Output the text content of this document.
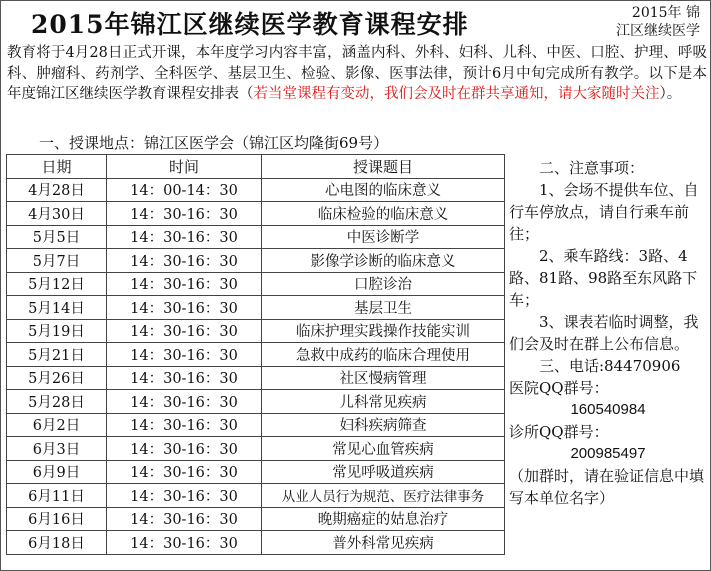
2015年锦江区继续医学教育课程安排	2015年 锦
江区继续医学
教育将于4月28日正式开课，本年度学习内容丰富，涵盖内科、外科、妇科、儿科、中医、口腔、护理、呼吸科、肿瘤科、药剂学、全科医学、基层卫生、检验、影像、医事法律，预计6月中旬完成所有教学。以下是本年度锦江区继续医学教育课程安排表（若当堂课程有变动，我们会及时在群共享通知，请大家随时关注）。
一、授课地点：锦江区医学会（锦江区均隆街69号）
日期	时间	授课题目
4月28日	14：00-14：30	心电图的临床意义
4月30日	14：30-16：30	临床检验的临床意义
5月5日	14：30-16：30	中医诊断学
5月7日	14：30-16：30	影像学诊断的临床意义
5月12日	14：30-16：30	口腔诊治
5月14日	14：30-16：30	基层卫生
5月19日	14：30-16：30	临床护理实践操作技能实训
5月21日	14：30-16：30	急救中成药的临床合理使用
5月26日	14：30-16：30	社区慢病管理
5月28日	14：30-16：30	儿科常见疾病
6月2日	14：30-16：30	妇科疾病筛查
6月3日	14：30-16：30	常见心血管疾病
6月9日	14：30-16：30	常见呼吸道疾病
6月11日	14：30-16：30	从业人员行为规范、医疗法律事务
6月16日	14：30-16：30	晚期癌症的姑息治疗
6月18日	14：30-16：30	普外科常见疾病

二、注意事项：

1、会场不提供车位、自行车停放点，请自行乘车前往；

2、乘车路线：3路、4路、81路、98路至东风路下车；

3、课表若临时调整，我们会及时在群上公布信息。

三、电话:84470906

医院QQ群号：

160540984

诊所QQ群号：

200985497

（加群时，请在验证信息中填写本单位名字）
